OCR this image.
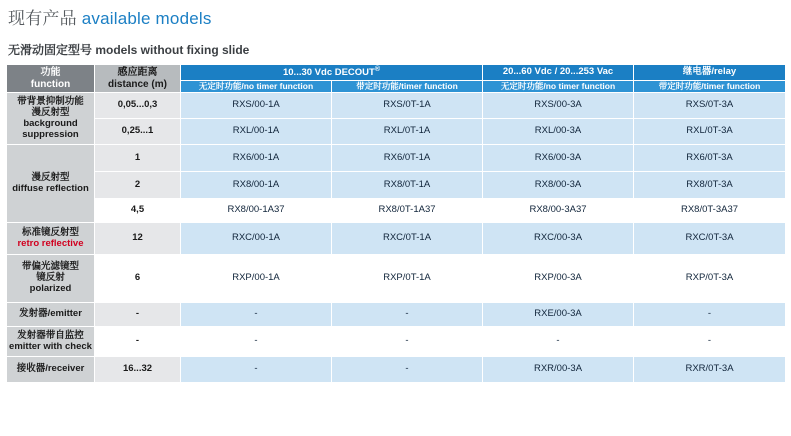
现有产品 available models
无滑动固定型号 models without fixing slide
功能
function

感应距离
distance (m)
	10...30 Vdc DECOUT®	20...60 Vdc / 20...253 Vac	继电器/relay
		无定时功能/no timer function	带定时功能/timer function	无定时功能/no timer function	带定时功能/timer function

带背景抑制功能
漫反射型
background
suppression	0,05...0,3	RXS/00-1A	RXS/0T-1A	RXS/00-3A	RXS/0T-3A
	0,25...1	RXL/00-1A	RXL/0T-1A	RXL/00-3A	RXL/0T-3A

漫反射型
diffuse reflection	1	RX6/00-1A	RX6/0T-1A	RX6/00-3A	RX6/0T-3A
	2	RX8/00-1A	RX8/0T-1A	RX8/00-3A	RX8/0T-3A
	4,5	RX8/00-1A37	RX8/0T-1A37	RX8/00-3A37	RX8/0T-3A37

标准镜反射型
retro reflective	12	RXC/00-1A	RXC/0T-1A	RXC/00-3A	RXC/0T-3A

带偏光滤镜型
镜反射
polarized	6	RXP/00-1A	RXP/0T-1A	RXP/00-3A	RXP/0T-3A

发射器/emitter	-	-	-	RXE/00-3A	-

发射器带自监控
emitter with check	-	-	-	-	-

接收器/receiver	16...32	-	-	RXR/00-3A	RXR/0T-3A
